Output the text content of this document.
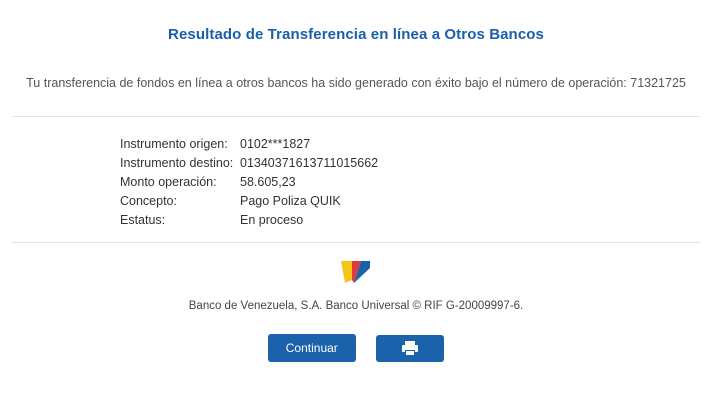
Resultado de Transferencia en línea a Otros Bancos
Tu transferencia de fondos en línea a otros bancos ha sido generado con éxito bajo el número de operación: 71321725
Instrumento origen: 0102***1827
Instrumento destino: 01340371613711015662
Monto operación:	58.605,23
Concepto:	Pago Poliza QUIK
Estatus:	En proceso
Banco de Venezuela, S.A. Banco Universal © RIF G-20009997-6.
Continuar
